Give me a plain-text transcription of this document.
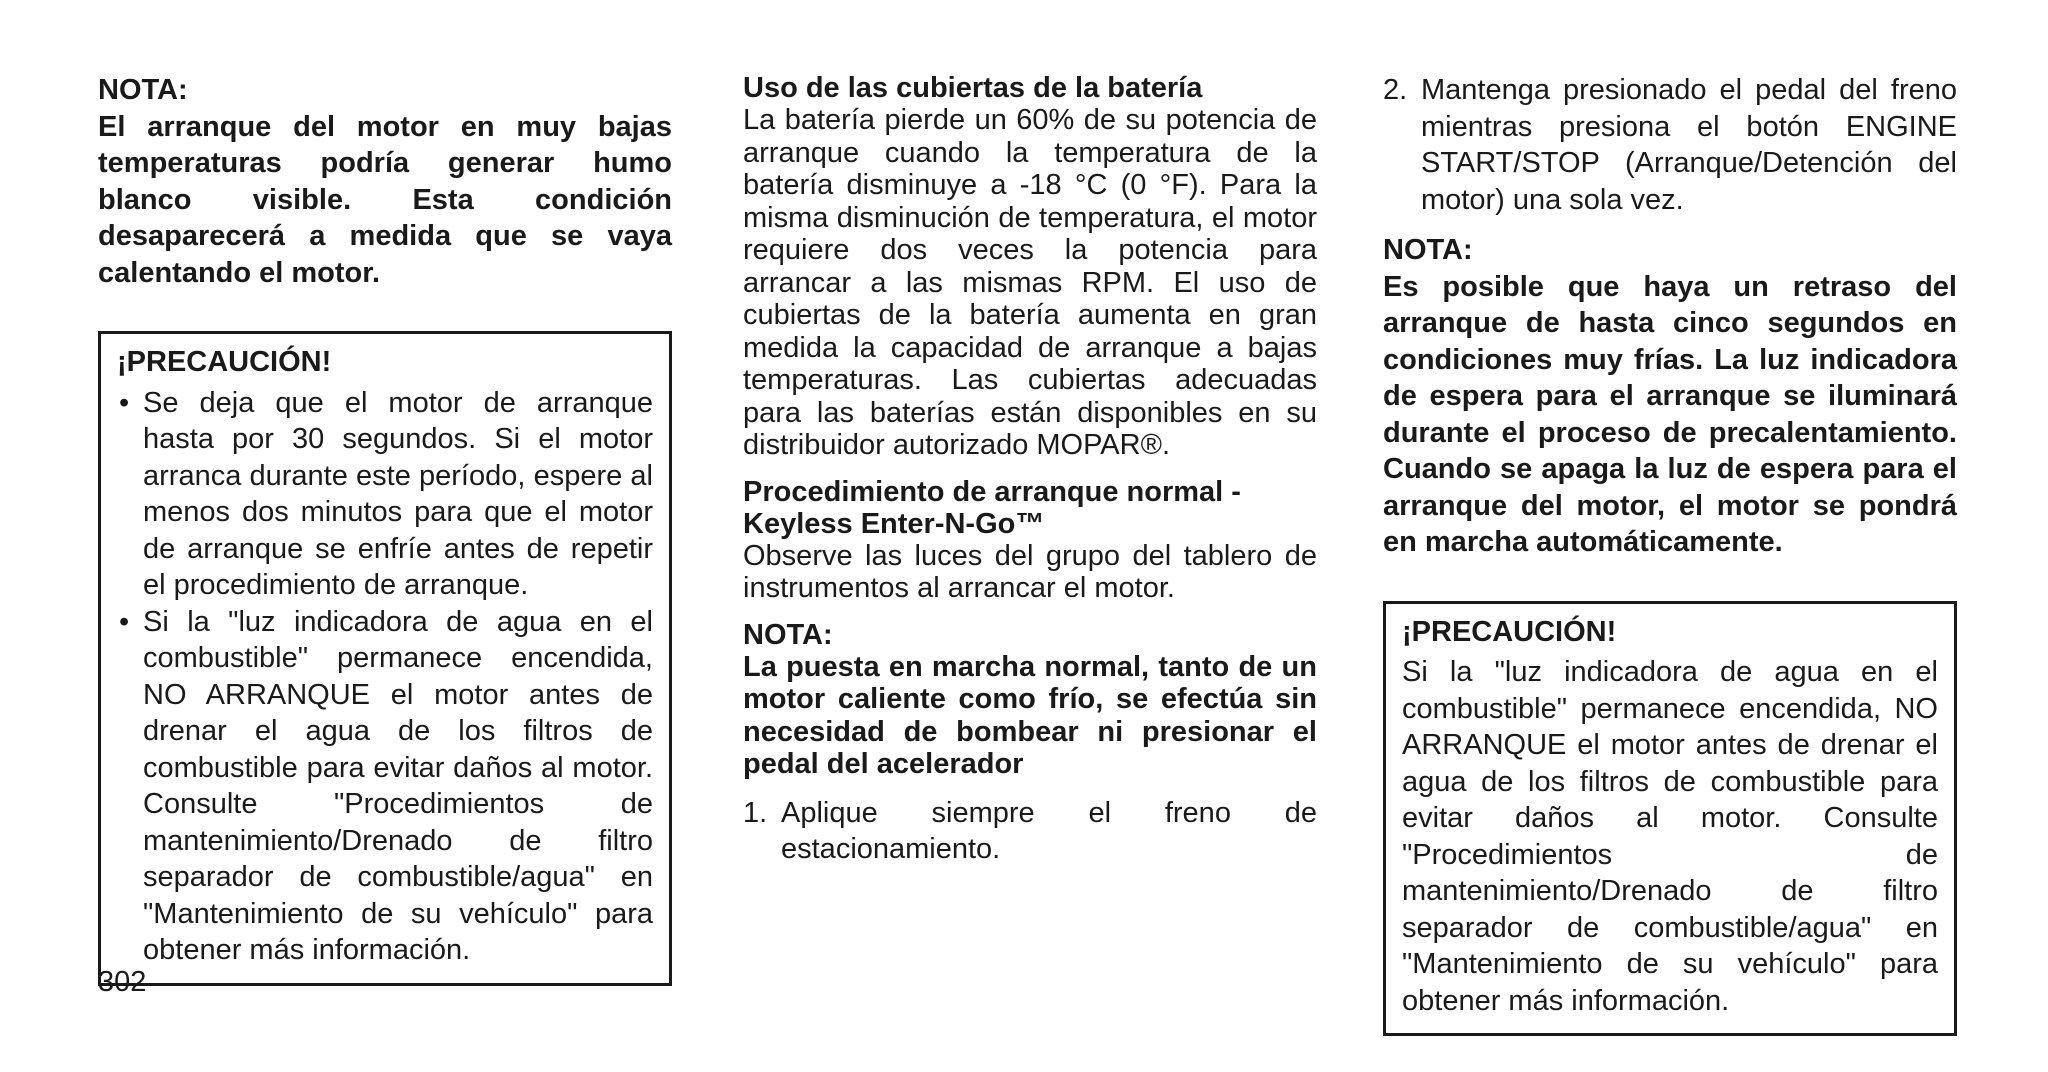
NOTA:

El arranque del motor en muy bajas temperaturas podría generar humo blanco visible. Esta condición desaparecerá a medida que se vaya calentando el motor.

¡PRECAUCIÓN!

• Se deja que el motor de arranque hasta por 30 segundos. Si el motor arranca durante este período, espere al menos dos minutos para que el motor de arranque se enfríe antes de repetir el procedimiento de arranque.
• Si la "luz indicadora de agua en el combustible" permanece encendida, NO ARRANQUE el motor antes de drenar el agua de los filtros de combustible para evitar daños al motor. Consulte "Procedimientos de mantenimiento/Drenado de filtro separador de combustible/agua" en "Mantenimiento de su vehículo" para obtener más información.

Uso de las cubiertas de la batería

La batería pierde un 60% de su potencia de arranque cuando la temperatura de la batería disminuye a -18 °C (0 °F). Para la misma disminución de temperatura, el motor requiere dos veces la potencia para arrancar a las mismas RPM. El uso de cubiertas de la batería aumenta en gran medida la capacidad de arranque a bajas temperaturas. Las cubiertas adecuadas para las baterías están disponibles en su distribuidor autorizado MOPAR®.

Procedimiento de arranque normal -

Keyless Enter-N-Go™

Observe las luces del grupo del tablero de instrumentos al arrancar el motor.

NOTA:

La puesta en marcha normal, tanto de un motor caliente como frío, se efectúa sin necesidad de bombear ni presionar el pedal del acelerador

1. Aplique siempre el freno de estacionamiento.
2. Mantenga presionado el pedal del freno mientras presiona el botón ENGINE START/STOP (Arranque/Detención del motor) una sola vez.

NOTA:

Es posible que haya un retraso del arranque de hasta cinco segundos en condiciones muy frías. La luz indicadora de espera para el arranque se iluminará durante el proceso de precalentamiento. Cuando se apaga la luz de espera para el arranque del motor, el motor se pondrá en marcha automáticamente.

¡PRECAUCIÓN!

Si la "luz indicadora de agua en el combustible" permanece encendida, NO ARRANQUE el motor antes de drenar el agua de los filtros de combustible para evitar daños al motor. Consulte "Procedimientos de mantenimiento/Drenado de filtro separador de combustible/agua" en "Mantenimiento de su vehículo" para obtener más información.

302
